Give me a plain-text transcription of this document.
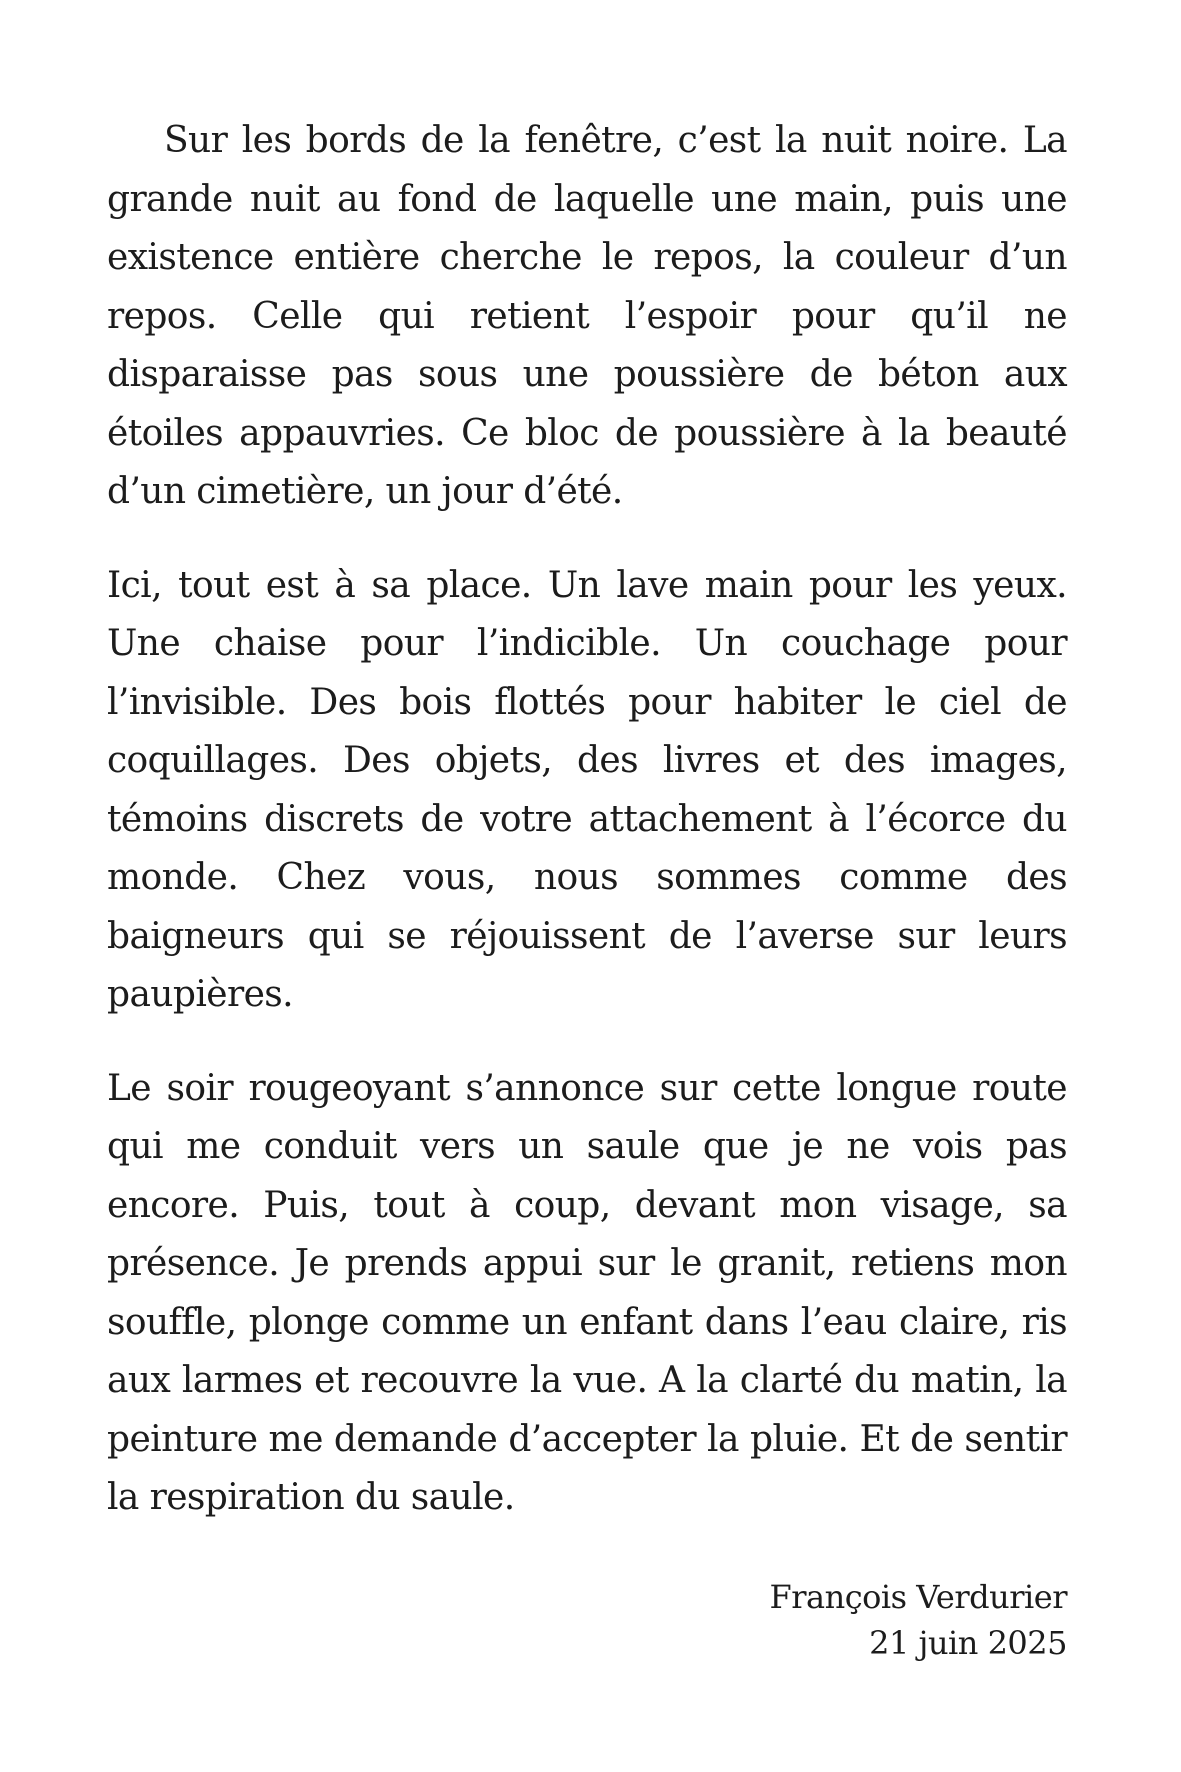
Sur les bords de la fenêtre, c’est la nuit noire. La grande nuit au fond de laquelle une main, puis une existence entière cherche le repos, la couleur d’un repos. Celle qui retient l’espoir pour qu’il ne disparaisse pas sous une poussière de béton aux étoiles appauvries. Ce bloc de poussière à la beauté d’un cimetière, un jour d’été.

Ici, tout est à sa place. Un lave main pour les yeux. Une chaise pour l’indicible. Un couchage pour l’invisible. Des bois flottés pour habiter le ciel de coquillages. Des objets, des livres et des images, témoins discrets de votre attachement à l’écorce du monde. Chez vous, nous sommes comme des baigneurs qui se réjouissent de l’averse sur leurs paupières.

Le soir rougeoyant s’annonce sur cette longue route qui me conduit vers un saule que je ne vois pas encore. Puis, tout à coup, devant mon visage, sa présence. Je prends appui sur le granit, retiens mon souffle, plonge comme un enfant dans l’eau claire, ris aux larmes et recouvre la vue. A la clarté du matin, la peinture me demande d’accepter la pluie. Et de sentir la respiration du saule.

François Verdurier
21 juin 2025
